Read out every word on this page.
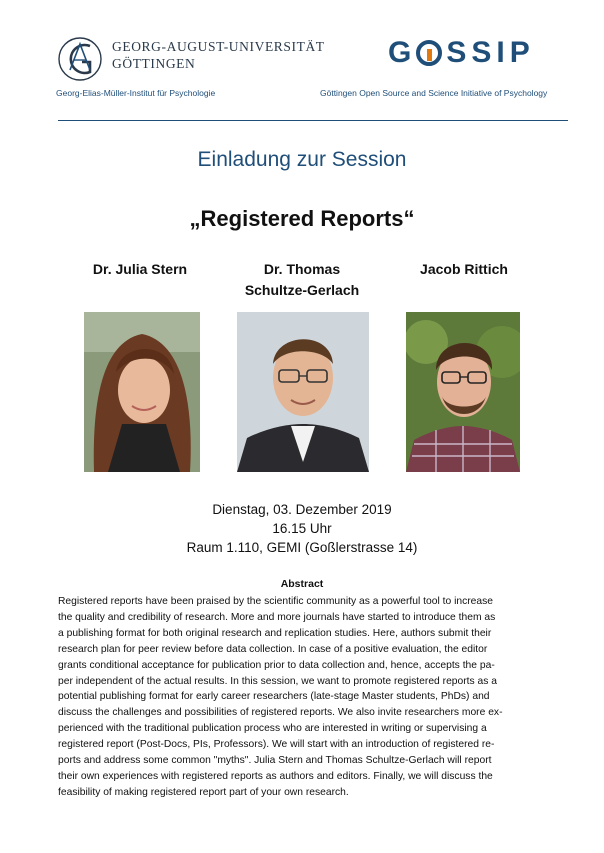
GEORG-AUGUST-UNIVERSITÄT
GÖTTINGEN
Georg-Elias-Müller-Institut für Psychologie
G SSIP
Göttingen Open Source and Science Initiative of Psychology
Einladung zur Session
„Registered Reports“
Dr. Julia Stern	Dr. Thomas
Schultze-Gerlach
Jacob Rittich
Dienstag, 03. Dezember 2019
16.15 Uhr
Raum 1.110, GEMI (Goßlerstrasse 14)
Abstract
Registered reports have been praised by the scientific community as a powerful tool to increase
the quality and credibility of research. More and more journals have started to introduce them as
a publishing format for both original research and replication studies. Here, authors submit their
research plan for peer review before data collection. In case of a positive evaluation, the editor
grants conditional acceptance for publication prior to data collection and, hence, accepts the pa-
per independent of the actual results. In this session, we want to promote registered reports as a
potential publishing format for early career researchers (late-stage Master students, PhDs) and
discuss the challenges and possibilities of registered reports. We also invite researchers more ex-
perienced with the traditional publication process who are interested in writing or supervising a
registered report (Post-Docs, PIs, Professors). We will start with an introduction of registered re-
ports and address some common "myths". Julia Stern and Thomas Schultze-Gerlach will report
their own experiences with registered reports as authors and editors. Finally, we will discuss the
feasibility of making registered report part of your own research.
